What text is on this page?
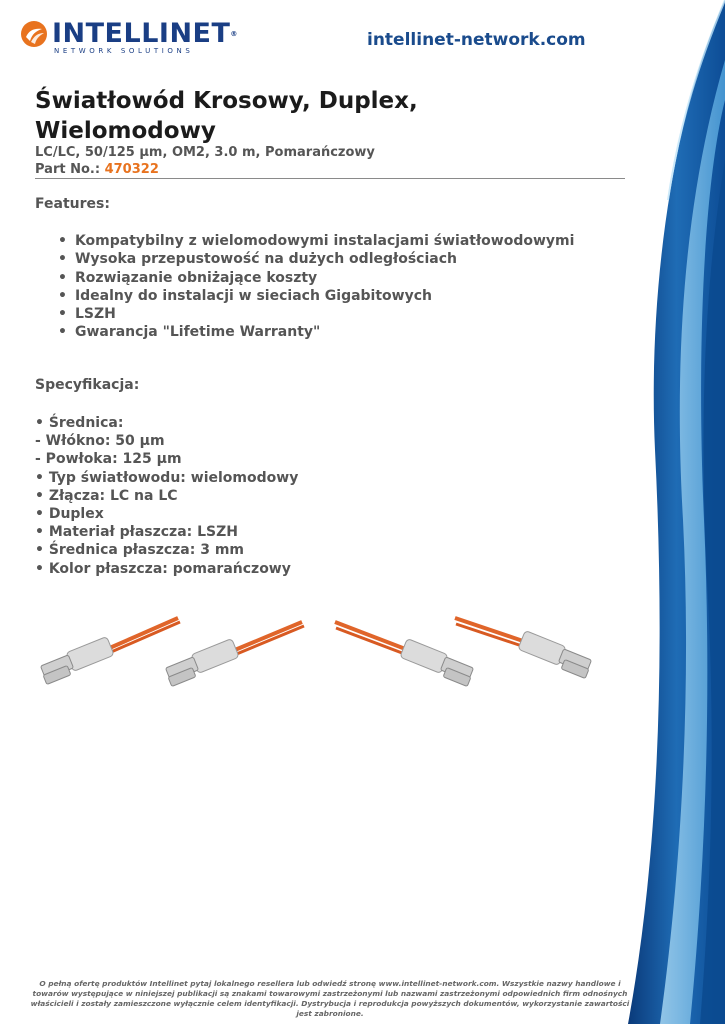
INTELLINET®
NETWORK SOLUTIONS
intellinet-network.com
Światłowód Krosowy, Duplex, Wielomodowy
LC/LC, 50/125 µm, OM2, 3.0 m, Pomarańczowy
Part No.: 470322
Features:
• Kompatybilny z wielomodowymi instalacjami światłowodowymi
• Wysoka przepustowość na dużych odległościach
• Rozwiązanie obniżające koszty
• Idealny do instalacji w sieciach Gigabitowych
• LSZH
• Gwarancja "Lifetime Warranty"
Specyfikacja:
• Średnica:
- Włókno: 50 µm
- Powłoka: 125 µm
• Typ światłowodu: wielomodowy
• Złącza: LC na LC
• Duplex
• Materiał płaszcza: LSZH
• Średnica płaszcza: 3 mm
• Kolor płaszcza: pomarańczowy
O pełną ofertę produktów Intellinet pytaj lokalnego resellera lub odwiedź stronę www.intellinet-network.com. Wszystkie nazwy handlowe i towarów występujące w niniejszej publikacji są znakami towarowymi zastrzeżonymi lub nazwami zastrzeżonymi odpowiednich firm odnośnych właścicieli i zostały zamieszczone wyłącznie celem identyfikacji. Dystrybucja i reprodukcja powyższych dokumentów, wykorzystanie zawartości jest zabronione.
